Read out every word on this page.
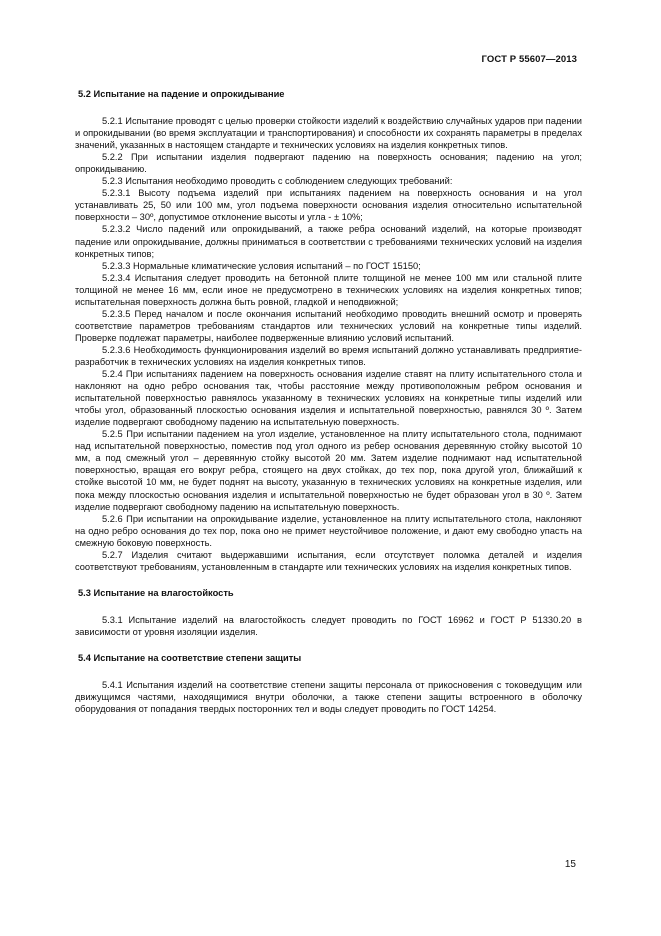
ГОСТ Р 55607—2013
5.2 Испытание на падение и опрокидывание

5.2.1 Испытание проводят с целью проверки стойкости изделий к воздействию случайных ударов при падении и опрокидывании (во время эксплуатации и транспортирования) и способности их сохранять параметры в пределах значений, указанных в настоящем стандарте и технических условиях на изделия конкретных типов.

5.2.2 При испытании изделия подвергают падению на поверхность основания; падению на угол; опрокидыванию.

5.2.3 Испытания необходимо проводить с соблюдением следующих требований:

5.2.3.1 Высоту подъема изделий при испытаниях падением на поверхность основания и на угол устанавливать 25, 50 или 100 мм, угол подъема поверхности основания изделия относительно испытательной поверхности – 30º, допустимое отклонение высоты и угла - ± 10%;

5.2.3.2 Число падений или опрокидываний, а также ребра оснований изделий, на которые производят падение или опрокидывание, должны приниматься в соответствии с требованиями технических условий на изделия конкретных типов;

5.2.3.3 Нормальные климатические условия испытаний – по ГОСТ 15150;

5.2.3.4 Испытания следует проводить на бетонной плите толщиной не менее 100 мм или стальной плите толщиной не менее 16 мм, если иное не предусмотрено в технических условиях на изделия конкретных типов; испытательная поверхность должна быть ровной, гладкой и неподвижной;

5.2.3.5 Перед началом и после окончания испытаний необходимо проводить внешний осмотр и проверять соответствие параметров требованиям стандартов или технических условий на конкретные типы изделий. Проверке подлежат параметры, наиболее подверженные влиянию условий испытаний.

5.2.3.6 Необходимость функционирования изделий во время испытаний должно устанавливать предприятие-разработчик в технических условиях на изделия конкретных типов.

5.2.4 При испытаниях падением на поверхность основания изделие ставят на плиту испытательного стола и наклоняют на одно ребро основания так, чтобы расстояние между противоположным ребром основания и испытательной поверхностью равнялось указанному в технических условиях на конкретные типы изделий или чтобы угол, образованный плоскостью основания изделия и испытательной поверхностью, равнялся 30 º. Затем изделие подвергают свободному падению на испытательную поверхность.

5.2.5 При испытании падением на угол изделие, установленное на плиту испытательного стола, поднимают над испытательной поверхностью, поместив под угол одного из ребер основания деревянную стойку высотой 10 мм, а под смежный угол – деревянную стойку высотой 20 мм. Затем изделие поднимают над испытательной поверхностью, вращая его вокруг ребра, стоящего на двух стойках, до тех пор, пока другой угол, ближайший к стойке высотой 10 мм, не будет поднят на высоту, указанную в технических условиях на конкретные изделия, или пока между плоскостью основания изделия и испытательной поверхностью не будет образован угол в 30 º. Затем изделие подвергают свободному падению на испытательную поверхность.

5.2.6 При испытании на опрокидывание изделие, установленное на плиту испытательного стола, наклоняют на одно ребро основания до тех пор, пока оно не примет неустойчивое положение, и дают ему свободно упасть на смежную боковую поверхность.

5.2.7 Изделия считают выдержавшими испытания, если отсутствует поломка деталей и изделия соответствуют требованиям, установленным в стандарте или технических условиях на изделия конкретных типов.

5.3 Испытание на влагостойкость

5.3.1 Испытание изделий на влагостойкость следует проводить по ГОСТ 16962 и ГОСТ Р 51330.20 в зависимости от уровня изоляции изделия.

5.4 Испытание на соответствие степени защиты

5.4.1 Испытания изделий на соответствие степени защиты персонала от прикосновения с токоведущим или движущимся частями, находящимися внутри оболочки, а также степени защиты встроенного в оболочку оборудования от попадания твердых посторонних тел и воды следует проводить по ГОСТ 14254.

15
